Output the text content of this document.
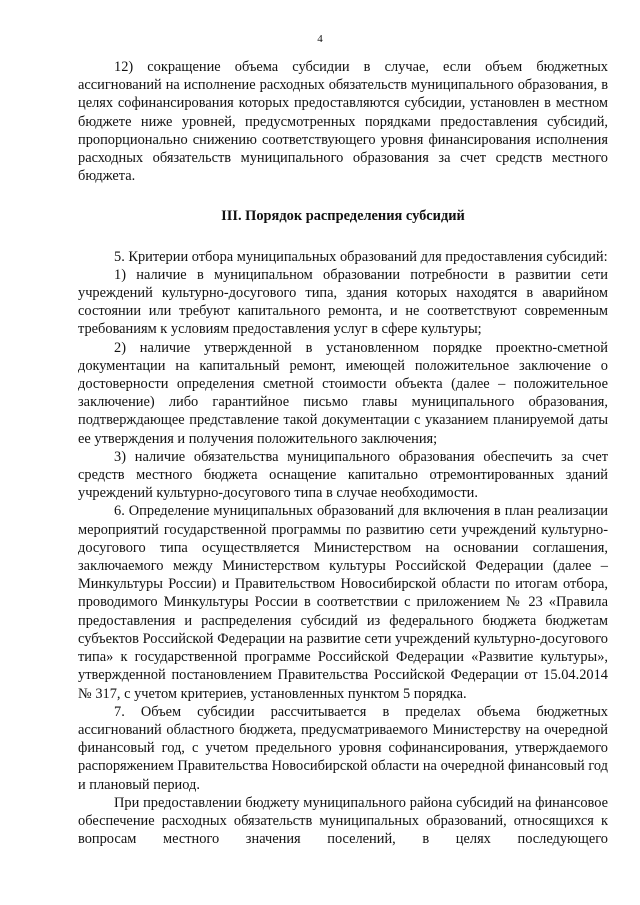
4

12) сокращение объема субсидии в случае, если объем бюджетных ассигнований на исполнение расходных обязательств муниципального образования, в целях софинансирования которых предоставляются субсидии, установлен в местном бюджете ниже уровней, предусмотренных порядками предоставления субсидий, пропорционально снижению соответствующего уровня финансирования исполнения расходных обязательств муниципального образования за счет средств местного бюджета.

III. Порядок распределения субсидий

5. Критерии отбора муниципальных образований для предоставления субсидий:

1) наличие в муниципальном образовании потребности в развитии сети учреждений культурно-досугового типа, здания которых находятся в аварийном состоянии или требуют капитального ремонта, и не соответствуют современным требованиям к условиям предоставления услуг в сфере культуры;

2) наличие утвержденной в установленном порядке проектно-сметной документации на капитальный ремонт, имеющей положительное заключение о достоверности определения сметной стоимости объекта (далее – положительное заключение) либо гарантийное письмо главы муниципального образования, подтверждающее представление такой документации с указанием планируемой даты ее утверждения и получения положительного заключения;

3) наличие обязательства муниципального образования обеспечить за счет средств местного бюджета оснащение капитально отремонтированных зданий учреждений культурно-досугового типа в случае необходимости.

6. Определение муниципальных образований для включения в план реализации мероприятий государственной программы по развитию сети учреждений культурно-досугового типа осуществляется Министерством на основании соглашения, заключаемого между Министерством культуры Российской Федерации (далее – Минкультуры России) и Правительством Новосибирской области по итогам отбора, проводимого Минкультуры России в соответствии с приложением № 23 «Правила предоставления и распределения субсидий из федерального бюджета бюджетам субъектов Российской Федерации на развитие сети учреждений культурно-досугового типа» к государственной программе Российской Федерации «Развитие культуры», утвержденной постановлением Правительства Российской Федерации от 15.04.2014 № 317, с учетом критериев, установленных пунктом 5 порядка.

7. Объем субсидии рассчитывается в пределах объема бюджетных ассигнований областного бюджета, предусматриваемого Министерству на очередной финансовый год, с учетом предельного уровня софинансирования, утверждаемого распоряжением Правительства Новосибирской области на очередной финансовый год и плановый период.

При предоставлении бюджету муниципального района субсидий на финансовое обеспечение расходных обязательств муниципальных образований, относящихся к вопросам местного значения поселений, в целях последующего
